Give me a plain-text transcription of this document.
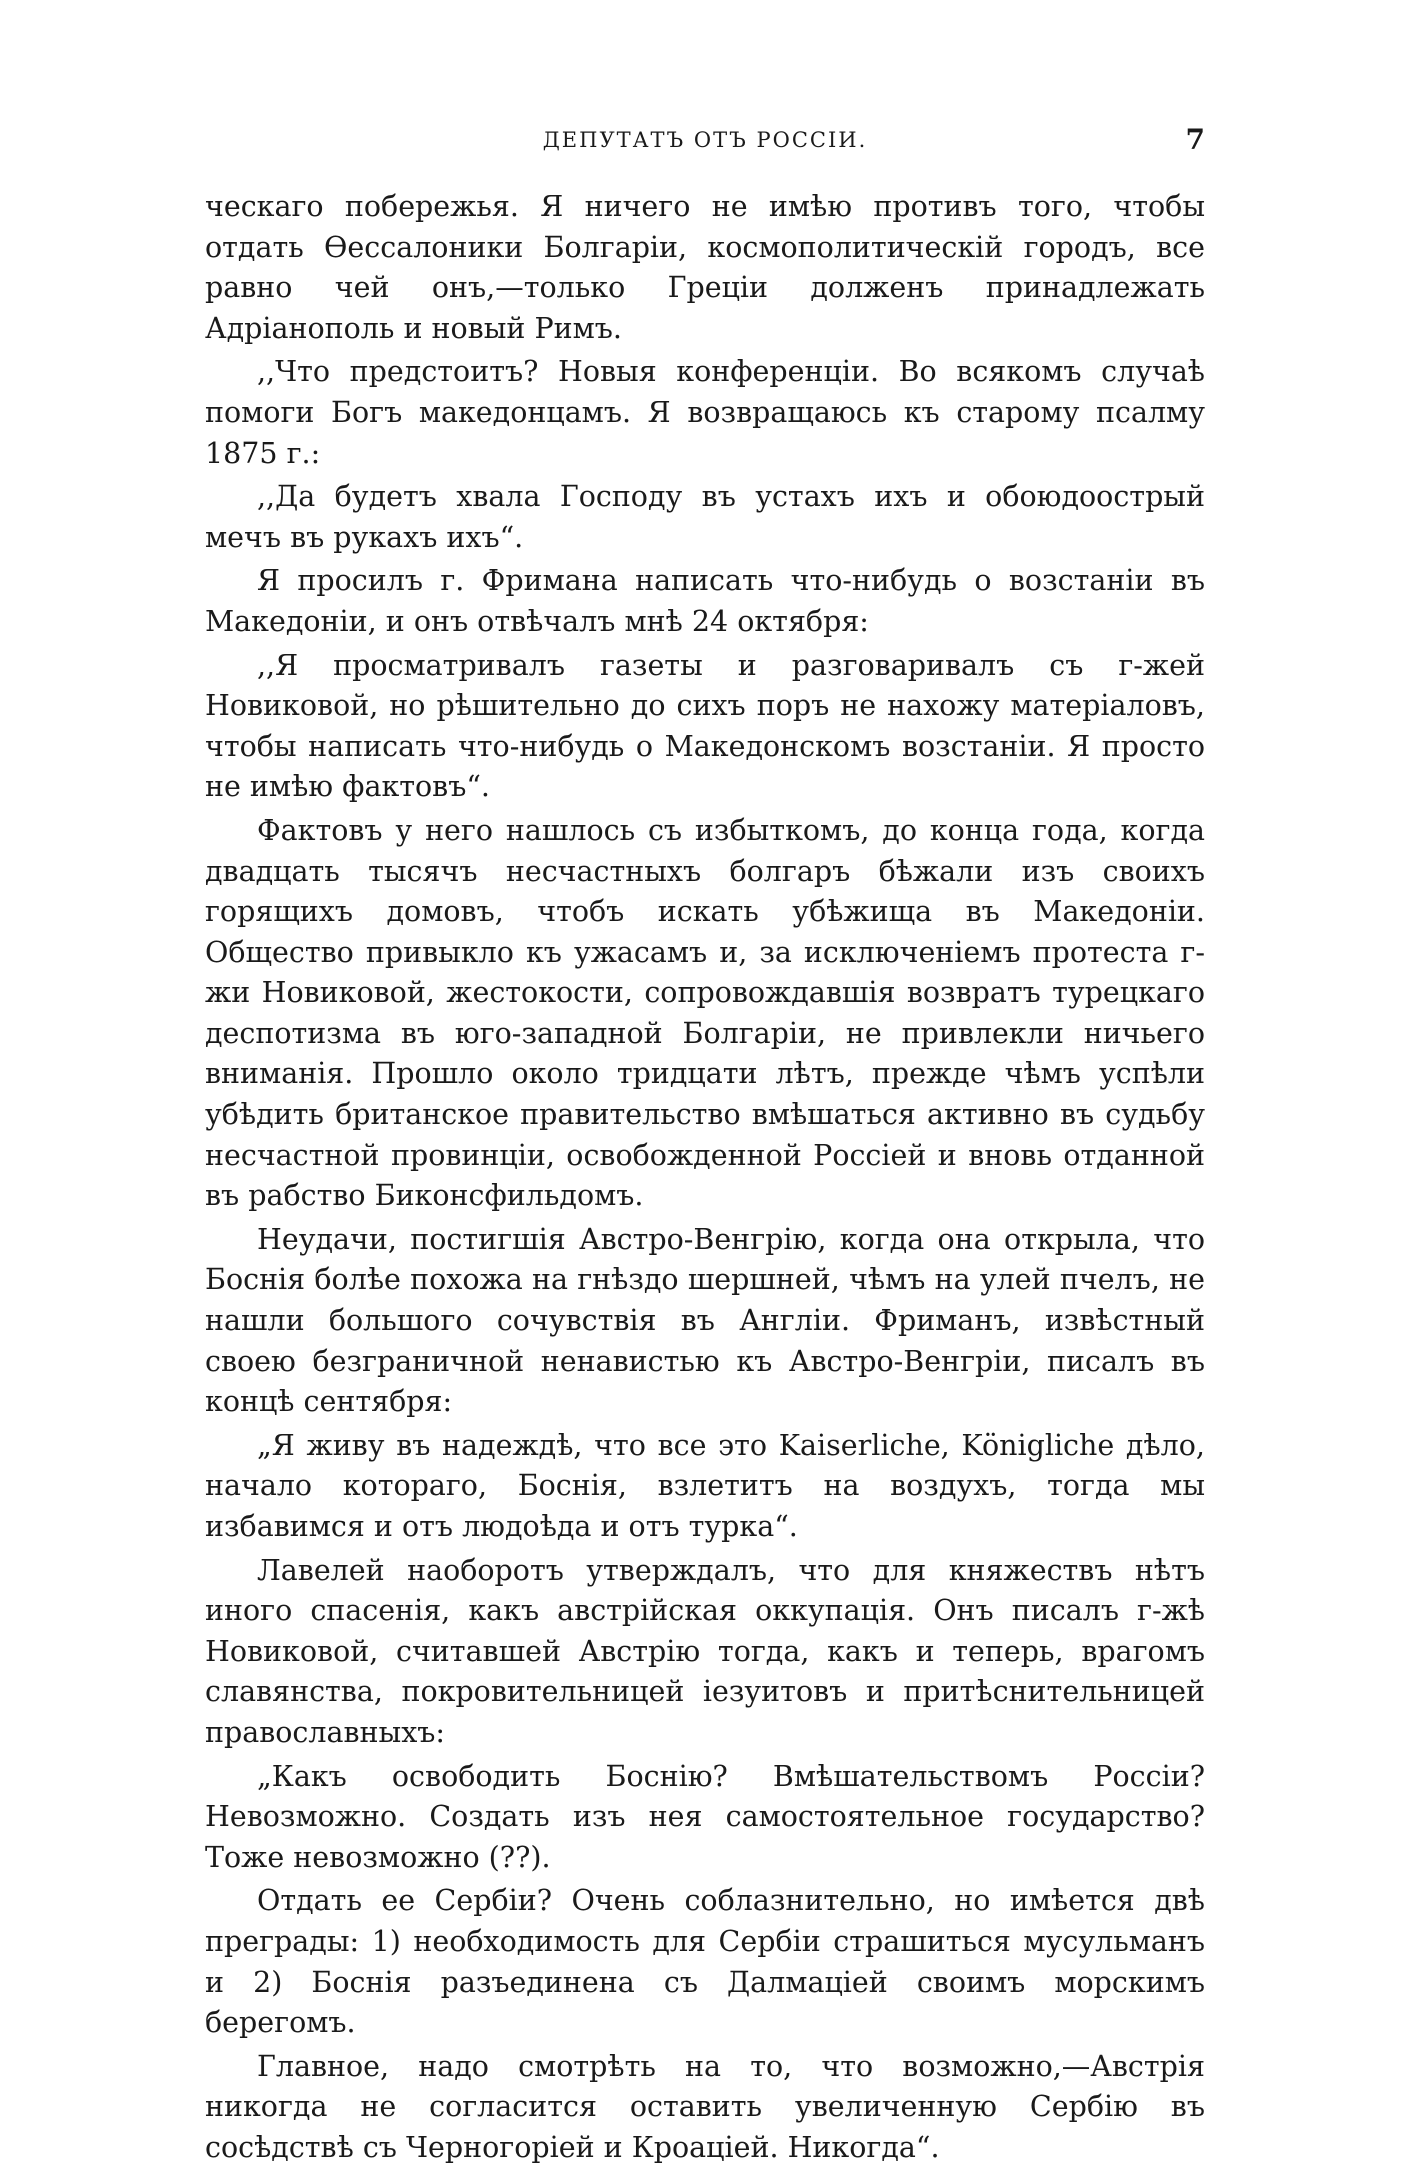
ДЕПУТАТЪ ОТЪ РОССІИ.	7

ческаго побережья. Я ничего не имѣю противъ того, чтобы отдать Ѳессалоники Болгаріи, космополитическій городъ, все равно чей онъ,—только Греціи долженъ принадлежать Адріанополь и новый Римъ.

,,Что предстоитъ? Новыя конференціи. Во всякомъ случаѣ помоги Богъ македонцамъ. Я возвращаюсь къ старому псалму 1875 г.:

,,Да будетъ хвала Господу въ устахъ ихъ и обоюдоострый мечъ въ рукахъ ихъ“.

Я просилъ г. Фримана написать что-нибудь о возстаніи въ Македоніи, и онъ отвѣчалъ мнѣ 24 октября:

,,Я просматривалъ газеты и разговаривалъ съ г-жей Новиковой, но рѣшительно до сихъ поръ не нахожу матеріаловъ, чтобы написать что-нибудь о Македонскомъ возстаніи. Я просто не имѣю фактовъ“.

Фактовъ у него нашлось съ избыткомъ, до конца года, когда двадцать тысячъ несчастныхъ болгаръ бѣжали изъ своихъ горящихъ домовъ, чтобъ искать убѣжища въ Македоніи. Общество привыкло къ ужасамъ и, за исключеніемъ протеста г-жи Новиковой, жестокости, сопровождавшія возвратъ турецкаго деспотизма въ юго-западной Болгаріи, не привлекли ничьего вниманія. Прошло около тридцати лѣтъ, прежде чѣмъ успѣли убѣдить британское правительство вмѣшаться активно въ судьбу несчастной провинціи, освобожденной Россіей и вновь отданной въ рабство Биконсфильдомъ.

Неудачи, постигшія Австро-Венгрію, когда она открыла, что Боснія болѣе похожа на гнѣздо шершней, чѣмъ на улей пчелъ, не нашли большого сочувствія въ Англіи. Фриманъ, извѣстный своею безграничной ненавистью къ Австро-Венгріи, писалъ въ концѣ сентября:

„Я живу въ надеждѣ, что все это Kaiserliche, Königliche дѣло, начало котораго, Боснія, взлетитъ на воздухъ, тогда мы избавимся и отъ людоѣда и отъ турка“.

Лавелей наоборотъ утверждалъ, что для княжествъ нѣтъ иного спасенія, какъ австрійская оккупація. Онъ писалъ г-жѣ Новиковой, считавшей Австрію тогда, какъ и теперь, врагомъ славянства, покровительницей іезуитовъ и притѣснительницей православныхъ:

„Какъ освободить Боснію? Вмѣшательствомъ Россіи? Невозможно. Создать изъ нея самостоятельное государство? Тоже невозможно (??).

Отдать ее Сербіи? Очень соблазнительно, но имѣется двѣ преграды: 1) необходимость для Сербіи страшиться мусульманъ и 2) Боснія разъединена съ Далмаціей своимъ морскимъ берегомъ.

Главное, надо смотрѣть на то, что возможно,—Австрія никогда не согласится оставить увеличенную Сербію въ сосѣдствѣ съ Черногоріей и Кроаціей. Никогда“.
